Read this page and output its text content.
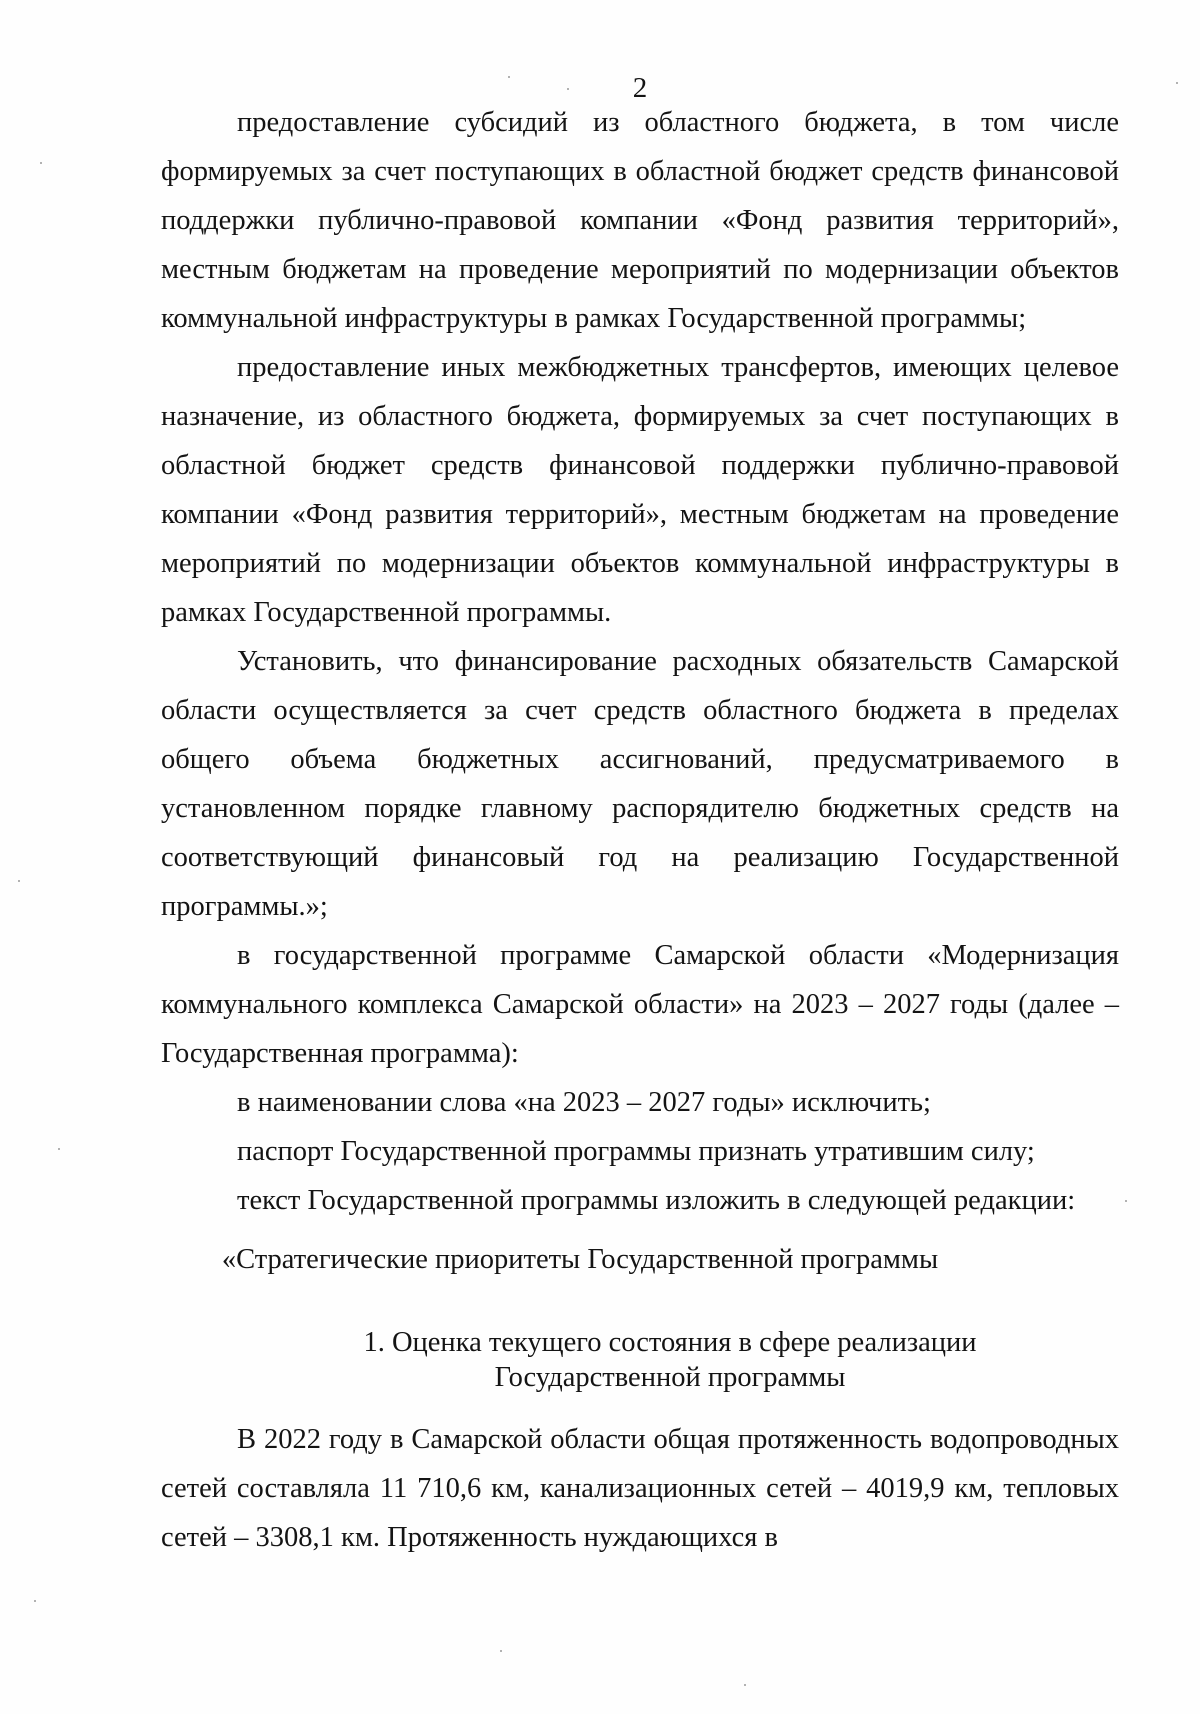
2

предоставление субсидий из областного бюджета, в том числе формируемых за счет поступающих в областной бюджет средств финансовой поддержки публично-правовой компании «Фонд развития территорий», местным бюджетам на проведение мероприятий по модернизации объектов коммунальной инфраструктуры в рамках Государственной программы;

предоставление иных межбюджетных трансфертов, имеющих целевое назначение, из областного бюджета, формируемых за счет поступающих в областной бюджет средств финансовой поддержки публично-правовой компании «Фонд развития территорий», местным бюджетам на проведение мероприятий по модернизации объектов коммунальной инфраструктуры в рамках Государственной программы.

Установить, что финансирование расходных обязательств Самарской области осуществляется за счет средств областного бюджета в пределах общего объема бюджетных ассигнований, предусматриваемого в установленном порядке главному распорядителю бюджетных средств на соответствующий финансовый год на реализацию Государственной программы.»;

в государственной программе Самарской области «Модернизация коммунального комплекса Самарской области» на 2023 – 2027 годы (далее – Государственная программа):

в наименовании слова «на 2023 – 2027 годы» исключить;

паспорт Государственной программы признать утратившим силу;

текст Государственной программы изложить в следующей редакции:

«Стратегические приоритеты Государственной программы
1. Оценка текущего состояния в сфере реализации
Государственной программы

В 2022 году в Самарской области общая протяженность водопроводных сетей составляла 11 710,6 км, канализационных сетей – 4019,9 км, тепловых сетей – 3308,1 км. Протяженность нуждающихся в
